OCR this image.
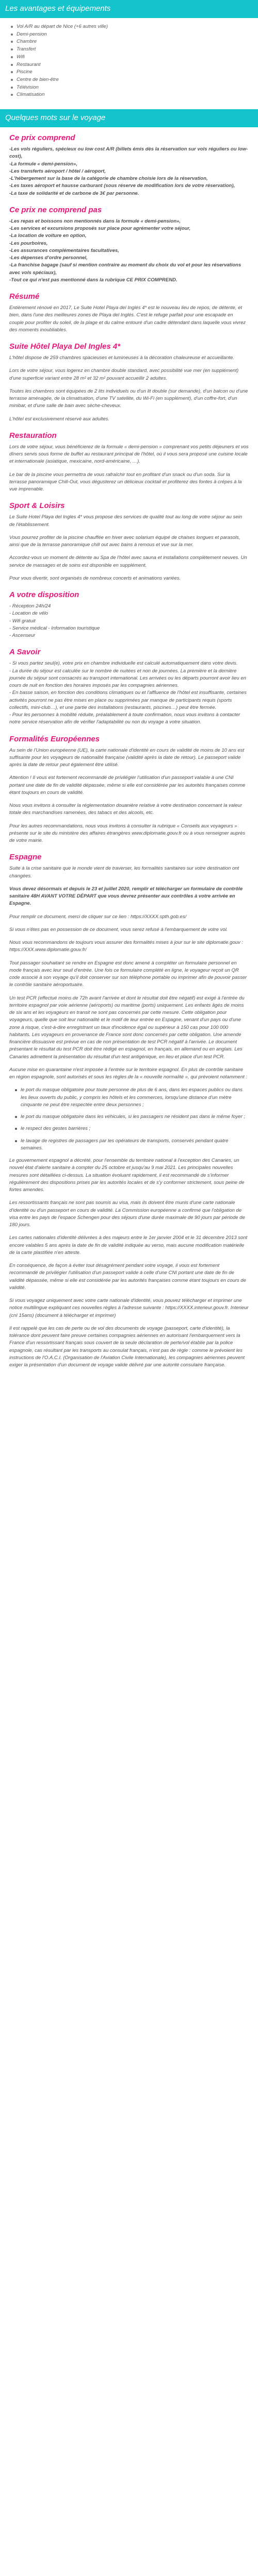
Les avantages et équipements
Vol A/R au départ de Nice (+6 autres ville)
Demi-pension
Chambre
Transfert
Wifi
Restaurant
Piscine
Centre de bien-être
Télévision
Climatisation
Quelques mots sur le voyage
Ce prix comprend
-Les vols réguliers, spécieux ou low cost A/R (billets émis dès la réservation sur vols réguliers ou low-cost),
-La formule « demi-pension»,
-Les transferts aéroport / hôtel / aéroport,
-L'hébergement sur la base de la catégorie de chambre choisie lors de la réservation,
-Les taxes aéroport et hausse carburant (sous réserve de modification lors de votre réservation),
-La taxe de solidarité et de carbone de 3€ par personne.
Ce prix ne comprend pas
-Les repas et boissons non mentionnés dans la formule « demi-pension»,
-Les services et excursions proposés sur place pour agrémenter votre séjour,
-La location de voiture en option,
-Les pourboires,
-Les assurances complémentaires facultatives,
-Les dépenses d'ordre personnel,
-La franchise bagage (sauf si mention contraire au moment du choix du vol et pour les réservations avec vols spéciaux),
-Tout ce qui n'est pas mentionné dans la rubrique CE PRIX COMPREND.
Résumé

Entièrement rénové en 2017, Le Suite Hotel Playa del Inglés 4* est le nouveau lieu de repos, de détente, et bien, dans l'une des meilleures zones de Playa del Inglés. C'est le refuge parfait pour une escapade en couple pour profiter du soleil, de la plage et du calme entouré d'un cadre détendant dans laquelle vous vivrez des moments inoubliables.

Suite Hôtel Playa Del Ingles 4*

L'hôtel dispose de 259 chambres spacieuses et lumineuses à la décoration chaleureuse et accueillante.

Lors de votre séjour, vous logerez en chambre double standard, avec possibilité vue mer (en supplément) d'une superficie variant entre 28 m² et 32 m² pouvant accueillir 2 adultes.

Toutes les chambres sont équipées de 2 lits individuels ou d'un lit double (sur demande), d'un balcon ou d'une terrasse aménagée, de la climatisation, d'une TV satellite, du Wi-Fi (en supplément), d'un coffre-fort, d'un minibar, et d'une salle de bain avec sèche-cheveux.

L'hôtel est exclusivement réservé aux adultes.

Restauration

Lors de votre séjour, vous bénéficierez de la formule « demi-pension » comprenant vos petits déjeuners et vos dîners servis sous forme de buffet au restaurant principal de l'hôtel, où il vous sera proposé une cuisine locale et internationale (asiatique, mexicaine, nord-américaine, …).

Le bar de la piscine vous permettra de vous rafraîchir tout en profitant d'un snack ou d'un soda. Sur la terrasse panoramique Chill-Out, vous dégusterez un délicieux cocktail et profiterez des fontes à crépes à la vue imprenable.

Sport & Loisirs

Le Suite Hotel Playa del Ingles 4* vous propose des services de qualité tout au long de votre séjour au sein de l'établissement.

Vous pourrez profiter de la piscine chauffée en hiver avec solarium équipé de chaises longues et parasols, ainsi que de la terrasse panoramique chill out avec bains à remous et vue sur la mer.

Accordez-vous un moment de détente au Spa de l'hôtel avec sauna et installations complètement neuves. Un service de massages et de soins est disponible en supplément.

Pour vous divertir, sont organisés de nombreux concerts et animations variées.

A votre disposition
- Réception 24h/24
- Location de vélo
- Wifi gratuit
- Service médical - Information touristique
- Ascenseur
A Savoir
- Si vous partez seul(e), votre prix en chambre individuelle est calculé automatiquement dans votre devis.
- La durée du séjour est calculée sur le nombre de nuitées et non de journées. La première et la dernière journée du séjour sont consacrés au transport international. Les arrivées ou les départs pourront avoir lieu en cours de nuit en fonction des horaires imposés par les compagnies aériennes.
- En basse saison, en fonction des conditions climatiques ou et l'affluence de l'hôtel est insuffisante, certaines activités pourront ne pas être mises en place ou supprimées par manque de participants requis (sports collectifs, mini-club…), et une partie des installations (restaurants, piscines…) peut être fermée.
- Pour les personnes à mobilité réduite, préalablement à toute confirmation, nous vous invitons à contacter notre service réservation afin de vérifier l'adaptabilité ou non du voyage à votre situation.
Formalités Européennes

Au sein de l'Union européenne (UE), la carte nationale d'identité en cours de validité de moins de 10 ans est suffisante pour les voyageurs de nationalité française (validité après la date de retour). Le passeport valide après la date de retour peut également être utilisé.

Attention ! Il vous est fortement recommandé de privilégier l'utilisation d'un passeport valable à une CNI portant une date de fin de validité dépassée, même si elle est considérée par les autorités françaises comme étant toujours en cours de validité.

Nous vous invitons à consulter la réglementation douanière relative à votre destination concernant la valeur totale des marchandises ramenées, des tabacs et des alcools, etc.

Pour les autres recommandations, nous vous invitons à consulter la rubrique « Conseils aux voyageurs » présente sur le site du ministère des affaires étrangères www.diplomatie.gouv.fr ou à vous renseigner auprès de votre mairie.

Espagne

Suite à la crise sanitaire que le monde vient de traverser, les formalités sanitaires sur votre destination ont changées.

Vous devez désormais et depuis le 23 et juillet 2020, remplir et télécharger un formulaire de contrôle sanitaire 48H AVANT VOTRE DÉPART que vous devrez présenter aux contrôles à votre arrivée en Espagne.

Pour remplir ce document, merci de cliquer sur ce lien : https://XXXX.spth.gob.es/

Si vous n'êtes pas en possession de ce document, vous serez refusé à l'embarquement de votre vol.

Nous vous recommandons de toujours vous assurer des formalités mises à jour sur le site diplomatie.gouv : https://XXX.www.diplomatie.gouv.fr/

Tout passager souhaitant se rendre en Espagne est donc amené à compléter un formulaire personnel en mode français avec leur seuil d'entrée. Une fois ce formulaire complété en ligne, le voyageur reçoit un QR code associé à son voyage qu'il doit conserver sur son téléphone portable ou imprimer afin de pouvoir passer le contrôle sanitaire aéroportuaire.

Un test PCR (effectué moins de 72h avant l'arrivée et dont le résultat doit être négatif) est exigé à l'entrée du territoire espagnol par voie aérienne (aéroports) ou maritime (ports) uniquement. Les enfants âgés de moins de six ans et les voyageurs en transit ne sont pas concernés par cette mesure. Cette obligation pour voyageurs, quelle que soit leur nationalité et le motif de leur entrée en Espagne, venant d'un pays ou d'une zone à risque, c'est-à-dire enregistrant un taux d'incidence égal ou supérieur à 150 cas pour 100 000 habitants. Les voyageurs en provenance de France sont donc concernés par cette obligation. Une amende financière dissuasive est prévue en cas de non présentation de test PCR négatif à l'arrivée. Le document présentant le résultat du test PCR doit être rédigé en espagnol, en français, en allemand ou en anglais. Les Canaries admettent la présentation du résultat d'un test antigénique, en lieu et place d'un test PCR.

Aucune mise en quarantaine n'est imposée à l'entrée sur le territoire espagnol. En plus de contrôle sanitaire en région espagnole, sont autorisés et sous les règles de la « nouvelle normalité », qui prévoient notamment :

le port du masque obligatoire pour toute personne de plus de 6 ans, dans les espaces publics ou dans les lieux ouverts du public, y compris les hôtels et les commerces, lorsqu'une distance d'un mètre cinquante ne peut être respectée entre deux personnes ;
le port du masque obligatoire dans les véhicules, si les passagers ne résident pas dans le même foyer ;
le respect des gestes barrières ;
le lavage de registres de passagers par les opérateurs de transports, conservés pendant quatre semaines.

Le gouvernement espagnol a décrété, pour l'ensemble du territoire national à l'exception des Canaries, un nouvel état d'alerte sanitaire à compter du 25 octobre et jusqu'au 9 mai 2021. Les principales nouvelles mesures sont détaillées ci-dessus. La situation évoluant rapidement, il est recommandé de s'informer régulièrement des dispositions prises par les autorités locales et de s'y conformer strictement, sous peine de fortes amendes.

Les ressortissants français ne sont pas soumis au visa, mais ils doivent être munis d'une carte nationale d'identité ou d'un passeport en cours de validité. La Commission européenne a confirmé que l'obligation de visa entre les pays de l'espace Schengen pour des séjours d'une durée maximale de 90 jours par période de 180 jours.

Les cartes nationales d'identité délivrées à des majeurs entre le 1er janvier 2004 et le 31 décembre 2013 sont encore valables 5 ans après la date de fin de validité indiquée au verso, mais aucune modification matérielle de la carte plastifiée n'en atteste.

En conséquence, de façon à éviter tout désagrément pendant votre voyage, il vous est fortement recommandé de privilégier l'utilisation d'un passeport valide à celle d'une CNI portant une date de fin de validité dépassée, même si elle est considérée par les autorités françaises comme étant toujours en cours de validité.

Si vous voyagez uniquement avec votre carte nationale d'identité, vous pouvez télécharger et imprimer une notice multilingue expliquant ces nouvelles règles à l'adresse suivante : https://XXXX.interieur.gouv.fr. Interieur (cnI 15ans) (document à télécharger et imprimer)

Il est rappelé que les cas de perte ou de vol des documents de voyage (passeport, carte d'identité), la tolérance dont peuvent faire preuve certaines compagnies aériennes en autorisant l'embarquement vers la France d'un ressortissant français sous couvert de la seule déclaration de perte/vol établie par la police espagnole, cas résultant par les transports au consulat français, n'est pas de règle : comme le prévoient les instructions de l'O.A.C.I. (Organisation de l'Aviation Civile Internationale), les compagnies aériennes peuvent exiger la présentation d'un document de voyage valide délivré par une autorité consulaire française.
